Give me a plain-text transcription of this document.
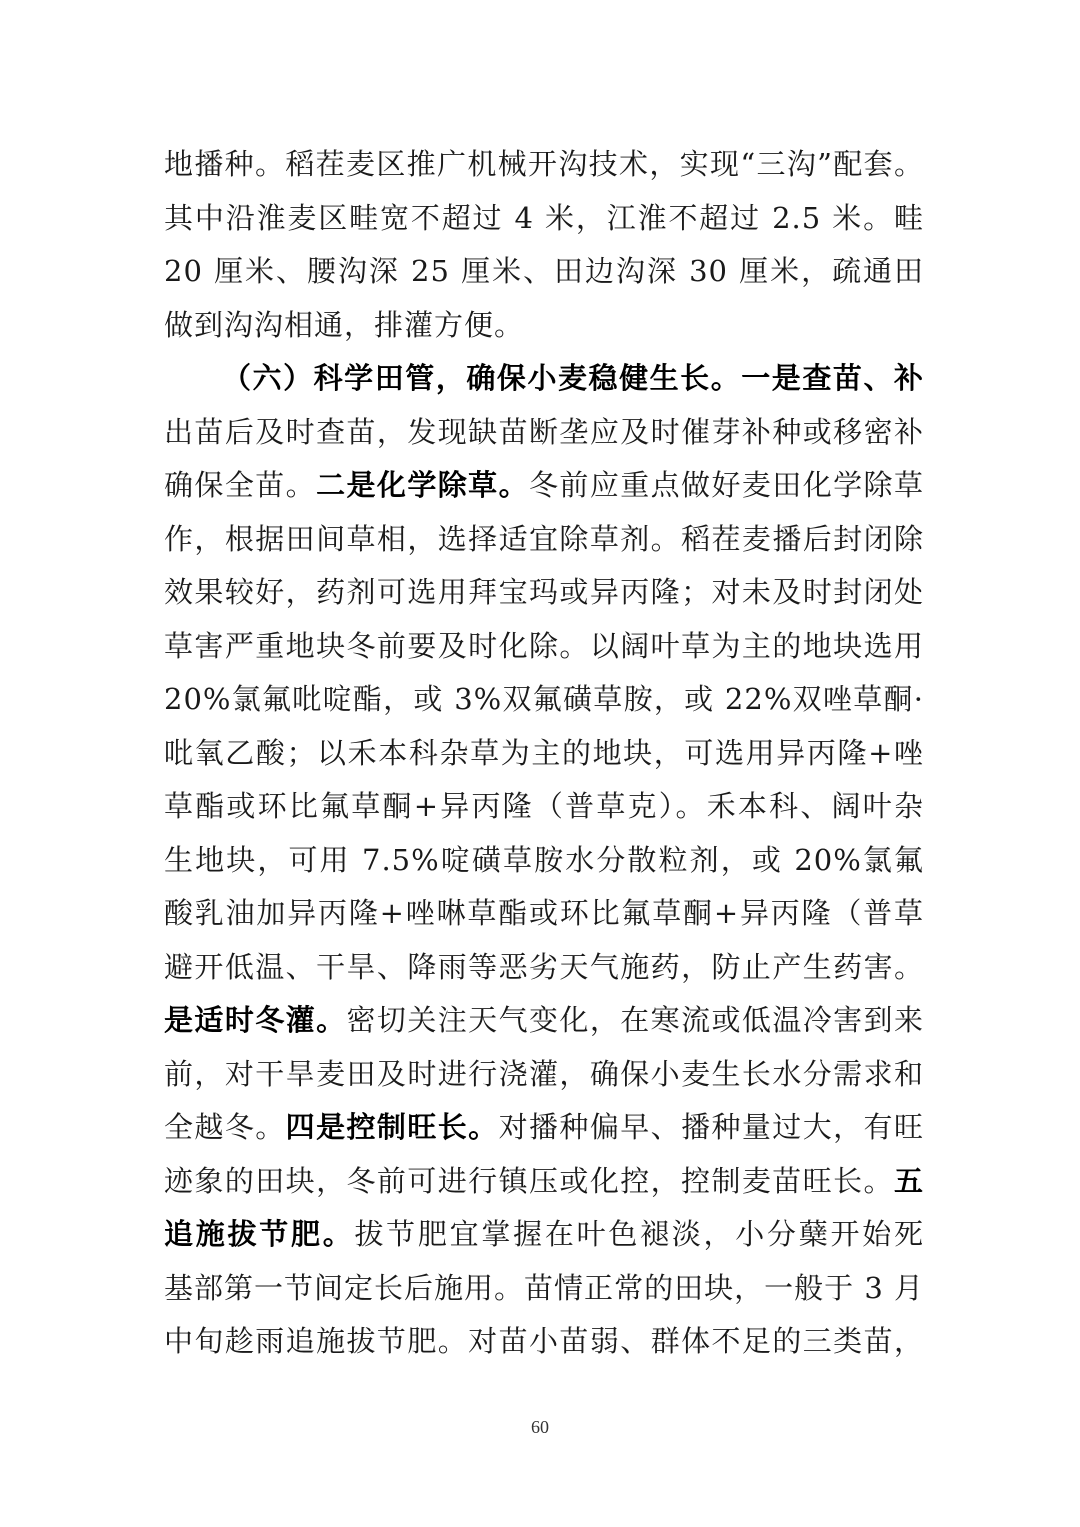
地播种。稻茬麦区推广机械开沟技术，实现“三沟”配套。
其中沿淮麦区畦宽不超过 4 米，江淮不超过 2.5 米。畦
20 厘米、腰沟深 25 厘米、田边沟深 30 厘米，疏通田
做到沟沟相通，排灌方便。
（六）科学田管，确保小麦稳健生长。一是查苗、补
出苗后及时查苗，发现缺苗断垄应及时催芽补种或移密补
确保全苗。二是化学除草。冬前应重点做好麦田化学除草
作，根据田间草相，选择适宜除草剂。稻茬麦播后封闭除
效果较好，药剂可选用拜宝玛或异丙隆；对未及时封闭处
草害严重地块冬前要及时化除。以阔叶草为主的地块选用
20%氯氟吡啶酯，或 3%双氟磺草胺，或 22%双唑草酮·
吡氧乙酸；以禾本科杂草为主的地块，可选用异丙隆+唑
草酯或环比氟草酮+异丙隆（普草克）。禾本科、阔叶杂
生地块，可用 7.5%啶磺草胺水分散粒剂，或 20%氯氟
酸乳油加异丙隆+唑啉草酯或环比氟草酮+异丙隆（普草
避开低温、干旱、降雨等恶劣天气施药，防止产生药害。
是适时冬灌。密切关注天气变化，在寒流或低温冷害到来
前，对干旱麦田及时进行浇灌，确保小麦生长水分需求和
全越冬。四是控制旺长。对播种偏早、播种量过大，有旺
迹象的田块，冬前可进行镇压或化控，控制麦苗旺长。五
追施拔节肥。拔节肥宜掌握在叶色褪淡，小分蘖开始死
基部第一节间定长后施用。苗情正常的田块，一般于 3 月
中旬趁雨追施拔节肥。对苗小苗弱、群体不足的三类苗，
60
